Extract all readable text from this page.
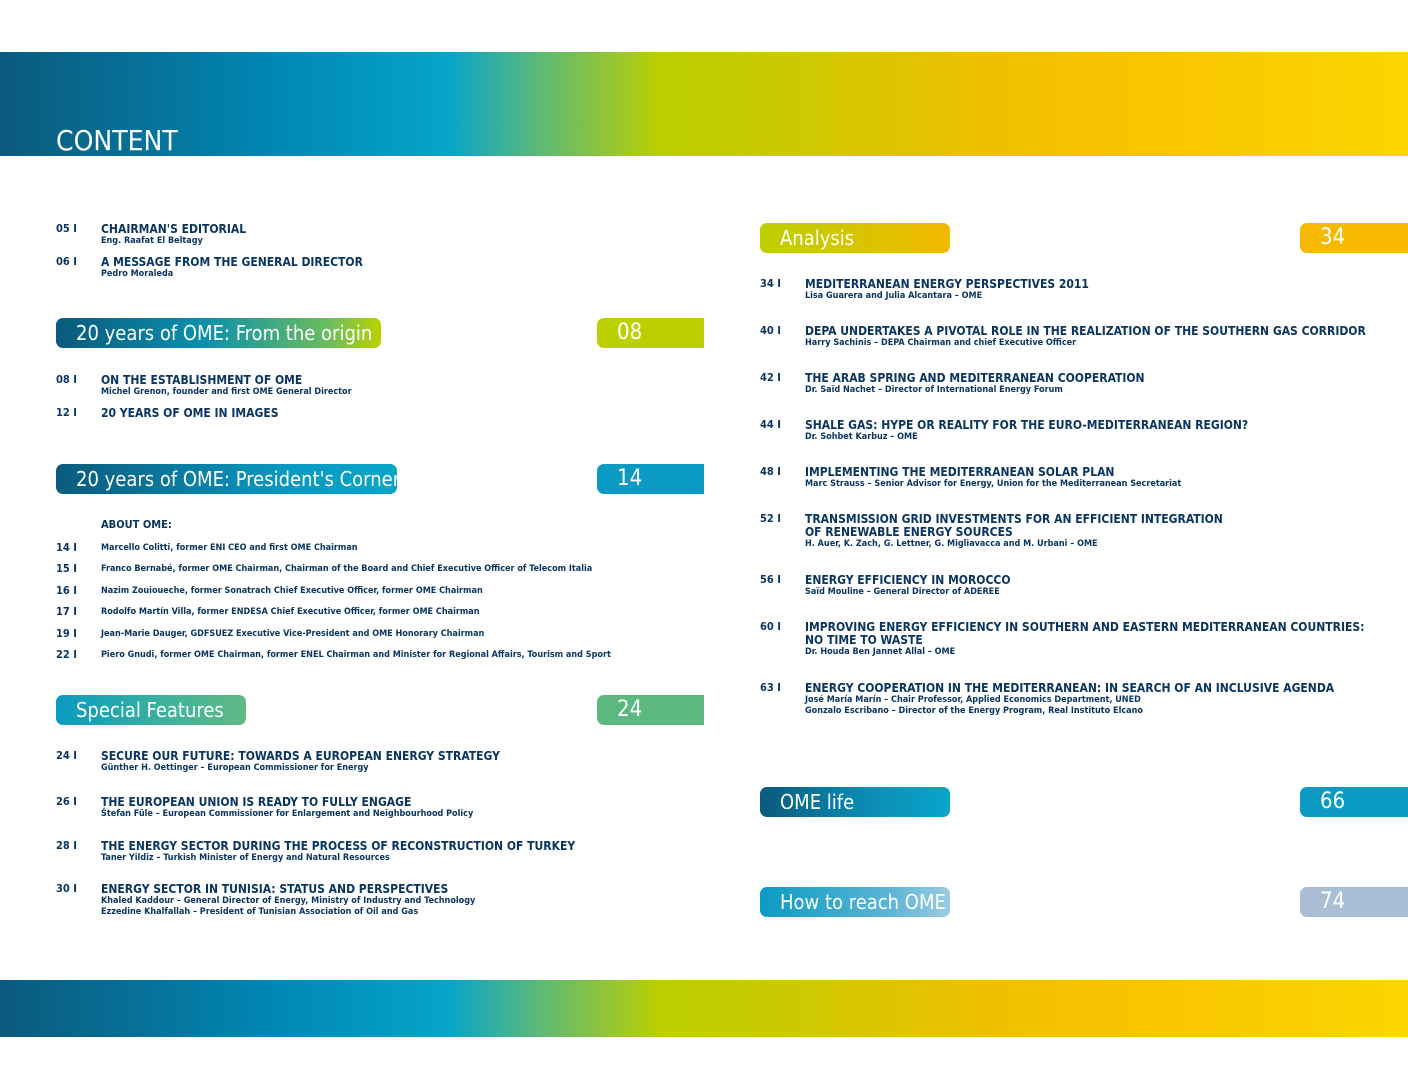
CONTENT
05 I CHAIRMAN'S EDITORIAL
Eng. Raafat El Beltagy
06 I A MESSAGE FROM THE GENERAL DIRECTOR
Pedro Moraleda
20 years of OME: From the origin	08
08 I ON THE ESTABLISHMENT OF OME
Michel Grenon, founder and first OME General Director
12 I 20 YEARS OF OME IN IMAGES
20 years of OME: President's Corner	14
ABOUT OME:
14 I	Marcello Colitti, former ENI CEO and first OME Chairman
15 I	Franco Bernabé, former OME Chairman, Chairman of the Board and Chief Executive Officer of Telecom Italia
16 I	Nazim Zouioueche, former Sonatrach Chief Executive Officer, former OME Chairman
17 I	Rodolfo Martín Villa, former ENDESA Chief Executive Officer, former OME Chairman
19 I	Jean-Marie Dauger, GDFSUEZ Executive Vice-President and OME Honorary Chairman
22 I	Piero Gnudi, former OME Chairman, former ENEL Chairman and Minister for Regional Affairs, Tourism and Sport
Special Features	24
24 I SECURE OUR FUTURE: TOWARDS A EUROPEAN ENERGY STRATEGY
Günther H. Oettinger – European Commissioner for Energy
26 I THE EUROPEAN UNION IS READY TO FULLY ENGAGE
Štefan Füle – European Commissioner for Enlargement and Neighbourhood Policy
28 I THE ENERGY SECTOR DURING THE PROCESS OF RECONSTRUCTION OF TURKEY
Taner Yildiz – Turkish Minister of Energy and Natural Resources
30 I ENERGY SECTOR IN TUNISIA: STATUS AND PERSPECTIVES
Khaled Kaddour – General Director of Energy, Ministry of Industry and Technology
Ezzedine Khalfallah – President of Tunisian Association of Oil and Gas
Analysis	34
34 I MEDITERRANEAN ENERGY PERSPECTIVES 2011
Lisa Guarera and Julia Alcantara – OME
40 I DEPA UNDERTAKES A PIVOTAL ROLE IN THE REALIZATION OF THE SOUTHERN GAS CORRIDOR
Harry Sachinis – DEPA Chairman and chief Executive Officer
42 I THE ARAB SPRING AND MEDITERRANEAN COOPERATION
Dr. Saïd Nachet – Director of International Energy Forum
44 I SHALE GAS: HYPE OR REALITY FOR THE EURO-MEDITERRANEAN REGION?
Dr. Sohbet Karbuz – OME
48 I IMPLEMENTING THE MEDITERRANEAN SOLAR PLAN
Marc Strauss – Senior Advisor for Energy, Union for the Mediterranean Secretariat
52 I TRANSMISSION GRID INVESTMENTS FOR AN EFFICIENT INTEGRATION
OF RENEWABLE ENERGY SOURCES
H. Auer, K. Zach, G. Lettner, G. Migliavacca and M. Urbani – OME
56 I ENERGY EFFICIENCY IN MOROCCO
Saïd Mouline – General Director of ADEREE
60 I IMPROVING ENERGY EFFICIENCY IN SOUTHERN AND EASTERN MEDITERRANEAN COUNTRIES:
NO TIME TO WASTE
Dr. Houda Ben Jannet Allal – OME
63 I ENERGY COOPERATION IN THE MEDITERRANEAN: IN SEARCH OF AN INCLUSIVE AGENDA
José María Marín – Chair Professor, Applied Economics Department, UNED
Gonzalo Escribano – Director of the Energy Program, Real Instituto Elcano
OME life	66
How to reach OME	74
